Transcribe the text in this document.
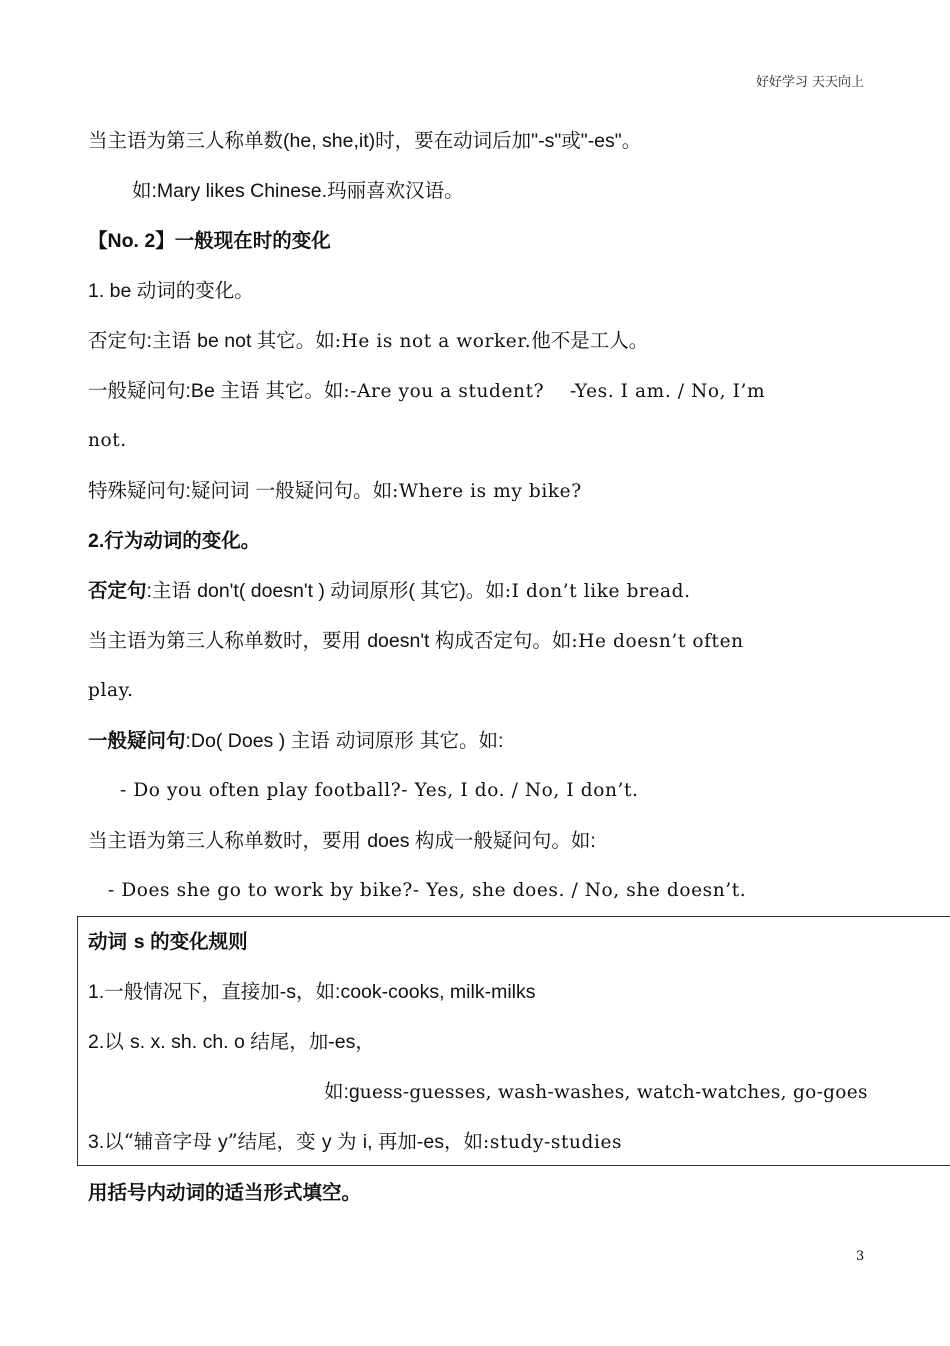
好好学习 天天向上
当主语为第三人称单数(he, she,it)时，要在动词后加"-s"或"-es"。
如:Mary likes Chinese.玛丽喜欢汉语。
【No. 2】一般现在时的变化
1. be 动词的变化。
否定句:主语 be not 其它。如:He is not a worker.他不是工人。
一般疑问句:Be 主语 其它。如:-Are you a student?    -Yes. I am. / No, I’m
not.
特殊疑问句:疑问词 一般疑问句。如:Where is my bike?
2.行为动词的变化。
否定句:主语 don't( doesn't ) 动词原形( 其它)。如:I don’t like bread.
当主语为第三人称单数时，要用 doesn't 构成否定句。如:He doesn’t often
play.
一般疑问句:Do( Does ) 主语 动词原形 其它。如:
- Do you often play football?- Yes, I do. / No, I don’t.
当主语为第三人称单数时，要用 does 构成一般疑问句。如:
- Does she go to work by bike?- Yes, she does. / No, she doesn’t.
动词 s 的变化规则
1.一般情况下，直接加-s，如:cook-cooks, milk-milks
2.以 s. x. sh. ch. o 结尾，加-es，
如:guess-guesses, wash-washes, watch-watches, go-goes
3.以“辅音字母 y”结尾，变 y 为 i, 再加-es，如:study-studies
用括号内动词的适当形式填空。
3
